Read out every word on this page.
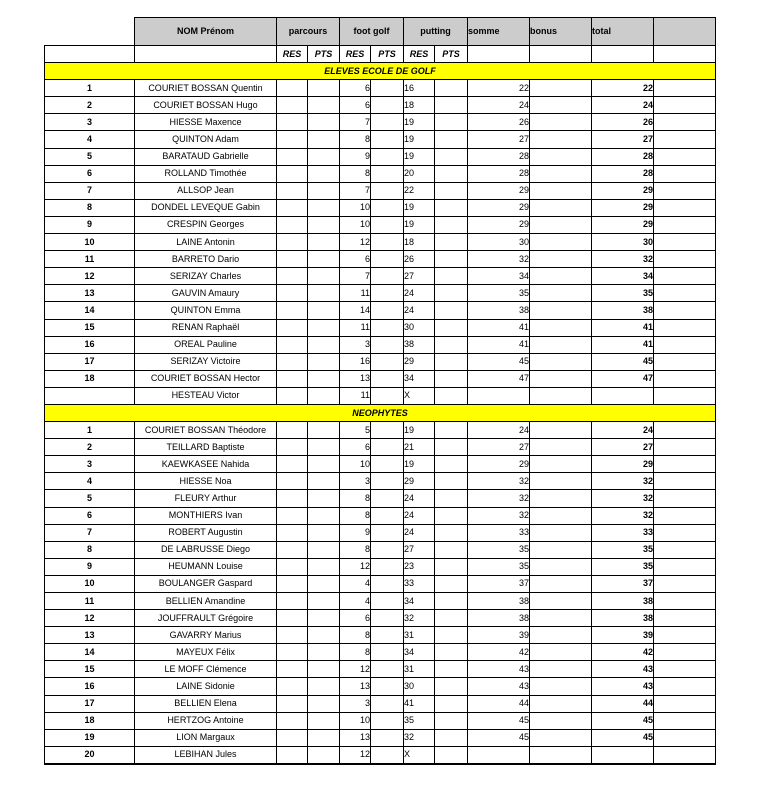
	NOM Prénom	parcours		foot golf		putting		somme	bonus	total	
		RES	PTS	RES	PTS	RES	PTS				
ELEVES ECOLE DE GOLF											
1	COURIET BOSSAN Quentin			6		16		22		22	
2	COURIET BOSSAN Hugo			6		18		24		24	
3	HIESSE Maxence			7		19		26		26	
4	QUINTON Adam			8		19		27		27	
5	BARATAUD Gabrielle			9		19		28		28	
6	ROLLAND Timothée			8		20		28		28	
7	ALLSOP Jean			7		22		29		29	
8	DONDEL LEVEQUE Gabin			10		19		29		29	
9	CRESPIN Georges			10		19		29		29	
10	LAINE Antonin			12		18		30		30	
11	BARRETO Dario			6		26		32		32	
12	SERIZAY Charles			7		27		34		34	
13	GAUVIN Amaury			11		24		35		35	
14	QUINTON Emma			14		24		38		38	
15	RENAN Raphaël			11		30		41		41	
16	OREAL Pauline			3		38		41		41	
17	SERIZAY Victoire			16		29		45		45	
18	COURIET BOSSAN Hector			13		34		47		47	
	HESTEAU Victor			11		X					
NEOPHYTES											
1	COURIET BOSSAN Théodore			5		19		24		24	
2	TEILLARD Baptiste			6		21		27		27	
3	KAEWKASEE Nahida			10		19		29		29	
4	HIESSE Noa			3		29		32		32	
5	FLEURY Arthur			8		24		32		32	
6	MONTHIERS Ivan			8		24		32		32	
7	ROBERT Augustin			9		24		33		33	
8	DE LABRUSSE Diego			8		27		35		35	
9	HEUMANN Louise			12		23		35		35	
10	BOULANGER Gaspard			4		33		37		37	
11	BELLIEN Amandine			4		34		38		38	
12	JOUFFRAULT Grégoire			6		32		38		38	
13	GAVARRY Marius			8		31		39		39	
14	MAYEUX Félix			8		34		42		42	
15	LE MOFF Clémence			12		31		43		43	
16	LAINE Sidonie			13		30		43		43	
17	BELLIEN Elena			3		41		44		44	
18	HERTZOG Antoine			10		35		45		45	
19	LION Margaux			13		32		45		45	
20	LEBIHAN Jules			12		X					
